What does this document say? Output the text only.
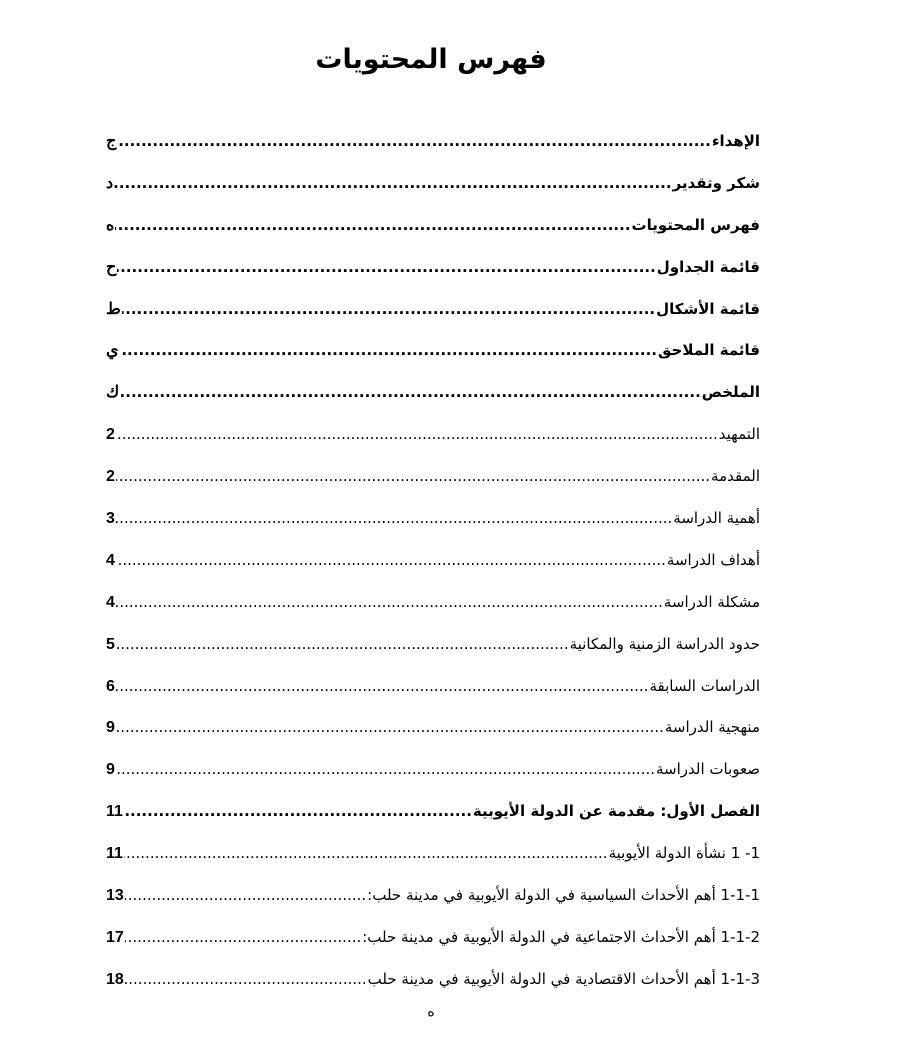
فهرس المحتويات
الإهداء
.....
ج
شكر وتقدير
.....
د
فهرس المحتويات
.....
ه
قائمة الجداول
.....
ح
قائمة الأشكال
.....
ط
قائمة الملاحق
.....
ي
الملخص
.....
ك
التمهيد
.....
2
المقدمة
.....
2
أهمية الدراسة
.....
3
أهداف الدراسة
.....
4
مشكلة الدراسة
.....
4
حدود الدراسة الزمنية والمكانية
.....
5
الدراسات السابقة
.....
6
منهجية الدراسة
.....
9
صعوبات الدراسة
.....
9
الفصل الأول: مقدمة عن الدولة الأيوبية
.....
11
1- 1 نشأة الدولة الأيوبية
.....
11
1-1-1 أهم الأحداث السياسية في الدولة الأيوبية في مدينة حلب:
.....
13
1-1-2 أهم الأحداث الاجتماعية في الدولة الأيوبية في مدينة حلب:
.....
17
1-1-3 أهم الأحداث الاقتصادية في الدولة الأيوبية في مدينة حلب
.....
18
ه
